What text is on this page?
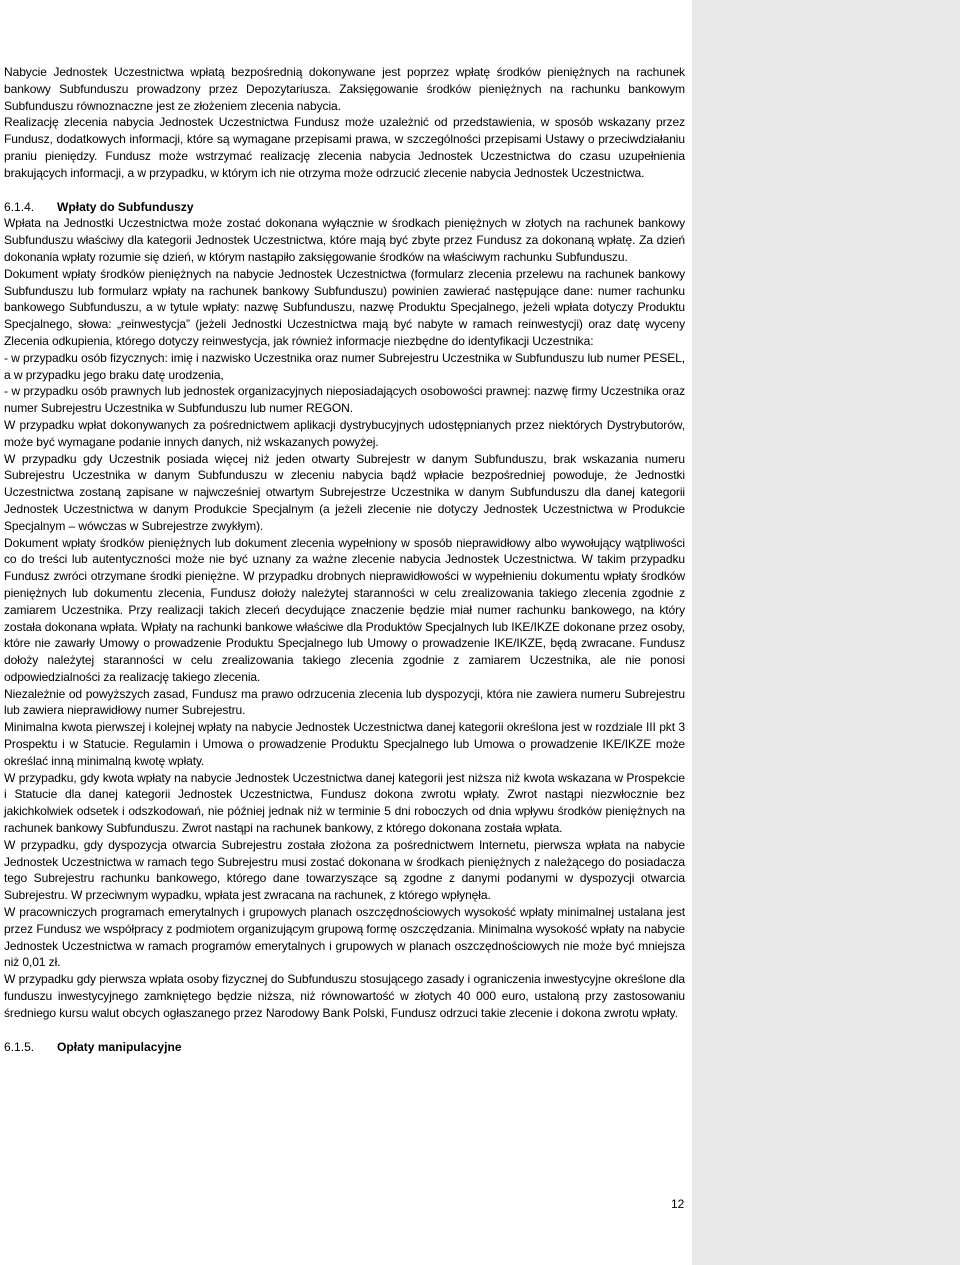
Nabycie Jednostek Uczestnictwa wpłatą bezpośrednią dokonywane jest poprzez wpłatę środków pieniężnych na rachunek bankowy Subfunduszu prowadzony przez Depozytariusza. Zaksięgowanie środków pieniężnych na rachunku bankowym Subfunduszu równoznaczne jest ze złożeniem zlecenia nabycia.

Realizację zlecenia nabycia Jednostek Uczestnictwa Fundusz może uzależnić od przedstawienia, w sposób wskazany przez Fundusz, dodatkowych informacji, które są wymagane przepisami prawa, w szczególności przepisami Ustawy o przeciwdziałaniu praniu pieniędzy. Fundusz może wstrzymać realizację zlecenia nabycia Jednostek Uczestnictwa do czasu uzupełnienia brakujących informacji, a w przypadku, w którym ich nie otrzyma może odrzucić zlecenie nabycia Jednostek Uczestnictwa.

6.1.4.	Wpłaty do Subfunduszy

Wpłata na Jednostki Uczestnictwa może zostać dokonana wyłącznie w środkach pieniężnych w złotych na rachunek bankowy Subfunduszu właściwy dla kategorii Jednostek Uczestnictwa, które mają być zbyte przez Fundusz za dokonaną wpłatę. Za dzień dokonania wpłaty rozumie się dzień, w którym nastąpiło zaksięgowanie środków na właściwym rachunku Subfunduszu.

Dokument wpłaty środków pieniężnych na nabycie Jednostek Uczestnictwa (formularz zlecenia przelewu na rachunek bankowy Subfunduszu lub formularz wpłaty na rachunek bankowy Subfunduszu) powinien zawierać następujące dane: numer rachunku bankowego Subfunduszu, a w tytule wpłaty: nazwę Subfunduszu, nazwę Produktu Specjalnego, jeżeli wpłata dotyczy Produktu Specjalnego, słowa: „reinwestycja” (jeżeli Jednostki Uczestnictwa mają być nabyte w ramach reinwestycji) oraz datę wyceny Zlecenia odkupienia, którego dotyczy reinwestycja, jak również informacje niezbędne do identyfikacji Uczestnika:

- w przypadku osób fizycznych: imię i nazwisko Uczestnika oraz numer Subrejestru Uczestnika w Subfunduszu lub numer PESEL, a w przypadku jego braku datę urodzenia,

- w przypadku osób prawnych lub jednostek organizacyjnych nieposiadających osobowości prawnej: nazwę firmy Uczestnika oraz numer Subrejestru Uczestnika w Subfunduszu lub numer REGON.

W przypadku wpłat dokonywanych za pośrednictwem aplikacji dystrybucyjnych udostępnianych przez niektórych Dystrybutorów, może być wymagane podanie innych danych, niż wskazanych powyżej.

W przypadku gdy Uczestnik posiada więcej niż jeden otwarty Subrejestr w danym Subfunduszu, brak wskazania numeru Subrejestru Uczestnika w danym Subfunduszu w zleceniu nabycia bądź wpłacie bezpośredniej powoduje, że Jednostki Uczestnictwa zostaną zapisane w najwcześniej otwartym Subrejestrze Uczestnika w danym Subfunduszu dla danej kategorii Jednostek Uczestnictwa w danym Produkcie Specjalnym (a jeżeli zlecenie nie dotyczy Jednostek Uczestnictwa w Produkcie Specjalnym – wówczas w Subrejestrze zwykłym).

Dokument wpłaty środków pieniężnych lub dokument zlecenia wypełniony w sposób nieprawidłowy albo wywołujący wątpliwości co do treści lub autentyczności może nie być uznany za ważne zlecenie nabycia Jednostek Uczestnictwa. W takim przypadku Fundusz zwróci otrzymane środki pieniężne. W przypadku drobnych nieprawidłowości w wypełnieniu dokumentu wpłaty środków pieniężnych lub dokumentu zlecenia, Fundusz dołoży należytej staranności w celu zrealizowania takiego zlecenia zgodnie z zamiarem Uczestnika. Przy realizacji takich zleceń decydujące znaczenie będzie miał numer rachunku bankowego, na który została dokonana wpłata. Wpłaty na rachunki bankowe właściwe dla Produktów Specjalnych lub IKE/IKZE dokonane przez osoby, które nie zawarły Umowy o prowadzenie Produktu Specjalnego lub Umowy o prowadzenie IKE/IKZE, będą zwracane. Fundusz dołoży należytej staranności w celu zrealizowania takiego zlecenia zgodnie z zamiarem Uczestnika, ale nie ponosi odpowiedzialności za realizację takiego zlecenia.

Niezależnie od powyższych zasad, Fundusz ma prawo odrzucenia zlecenia lub dyspozycji, która nie zawiera numeru Subrejestru lub zawiera nieprawidłowy numer Subrejestru.

Minimalna kwota pierwszej i kolejnej wpłaty na nabycie Jednostek Uczestnictwa danej kategorii określona jest w rozdziale III pkt 3 Prospektu i w Statucie. Regulamin i Umowa o prowadzenie Produktu Specjalnego lub Umowa o prowadzenie IKE/IKZE może określać inną minimalną kwotę wpłaty.

W przypadku, gdy kwota wpłaty na nabycie Jednostek Uczestnictwa danej kategorii jest niższa niż kwota wskazana w Prospekcie i Statucie dla danej kategorii Jednostek Uczestnictwa, Fundusz dokona zwrotu wpłaty. Zwrot nastąpi niezwłocznie bez jakichkolwiek odsetek i odszkodowań, nie później jednak niż w terminie 5 dni roboczych od dnia wpływu środków pieniężnych na rachunek bankowy Subfunduszu. Zwrot nastąpi na rachunek bankowy, z którego dokonana została wpłata.

W przypadku, gdy dyspozycja otwarcia Subrejestru została złożona za pośrednictwem Internetu, pierwsza wpłata na nabycie Jednostek Uczestnictwa w ramach tego Subrejestru musi zostać dokonana w środkach pieniężnych z należącego do posiadacza tego Subrejestru rachunku bankowego, którego dane towarzyszące są zgodne z danymi podanymi w dyspozycji otwarcia Subrejestru. W przeciwnym wypadku, wpłata jest zwracana na rachunek, z którego wpłynęła.

W pracowniczych programach emerytalnych i grupowych planach oszczędnościowych wysokość wpłaty minimalnej ustalana jest przez Fundusz we współpracy z podmiotem organizującym grupową formę oszczędzania. Minimalna wysokość wpłaty na nabycie Jednostek Uczestnictwa w ramach programów emerytalnych i grupowych w planach oszczędnościowych nie może być mniejsza niż 0,01 zł.

W przypadku gdy pierwsza wpłata osoby fizycznej do Subfunduszu stosującego zasady i ograniczenia inwestycyjne określone dla funduszu inwestycyjnego zamkniętego będzie niższa, niż równowartość w złotych 40 000 euro, ustaloną przy zastosowaniu średniego kursu walut obcych ogłaszanego przez Narodowy Bank Polski, Fundusz odrzuci takie zlecenie i dokona zwrotu wpłaty.

6.1.5.	Opłaty manipulacyjne
12
